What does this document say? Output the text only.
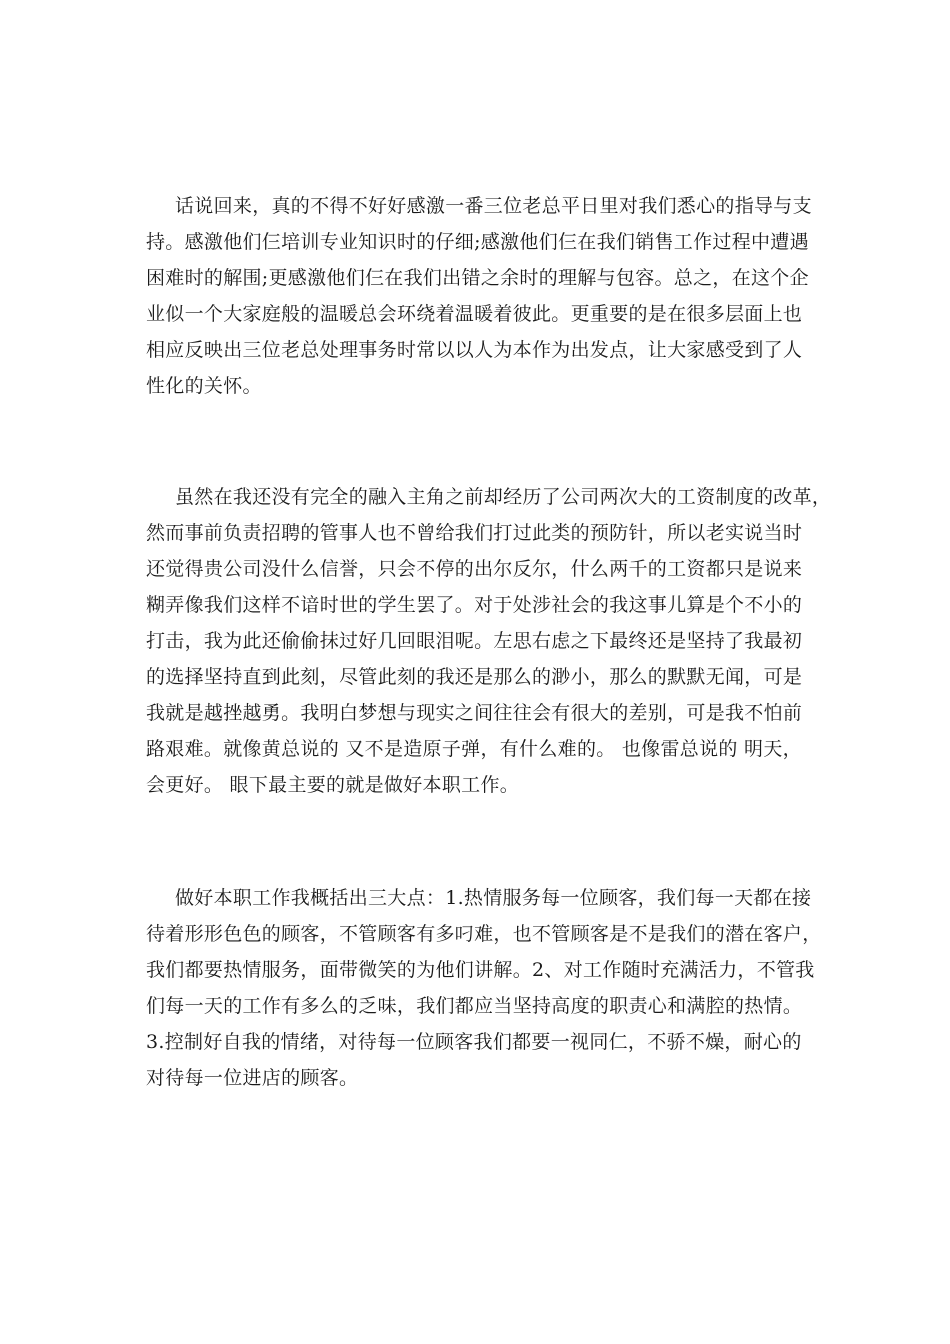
话说回来，真的不得不好好感激一番三位老总平日里对我们悉心的指导与支
持。感激他们仨培训专业知识时的仔细;感激他们仨在我们销售工作过程中遭遇
困难时的解围;更感激他们仨在我们出错之余时的理解与包容。总之，在这个企
业似一个大家庭般的温暖总会环绕着温暖着彼此。更重要的是在很多层面上也
相应反映出三位老总处理事务时常以以人为本作为出发点，让大家感受到了人
性化的关怀。
虽然在我还没有完全的融入主角之前却经历了公司两次大的工资制度的改革，
然而事前负责招聘的管事人也不曾给我们打过此类的预防针，所以老实说当时
还觉得贵公司没什么信誉，只会不停的出尔反尔，什么两千的工资都只是说来
糊弄像我们这样不谙时世的学生罢了。对于处涉社会的我这事儿算是个不小的
打击，我为此还偷偷抹过好几回眼泪呢。左思右虑之下最终还是坚持了我最初
的选择坚持直到此刻，尽管此刻的我还是那么的渺小，那么的默默无闻，可是
我就是越挫越勇。我明白梦想与现实之间往往会有很大的差别，可是我不怕前
路艰难。就像黄总说的 又不是造原子弹，有什么难的。 也像雷总说的 明天，
会更好。 眼下最主要的就是做好本职工作。
做好本职工作我概括出三大点：1.热情服务每一位顾客，我们每一天都在接
待着形形色色的顾客，不管顾客有多叼难，也不管顾客是不是我们的潜在客户，
我们都要热情服务，面带微笑的为他们讲解。2、对工作随时充满活力，不管我
们每一天的工作有多么的乏味，我们都应当坚持高度的职责心和满腔的热情。
3.控制好自我的情绪，对待每一位顾客我们都要一视同仁，不骄不燥，耐心的
对待每一位进店的顾客。
